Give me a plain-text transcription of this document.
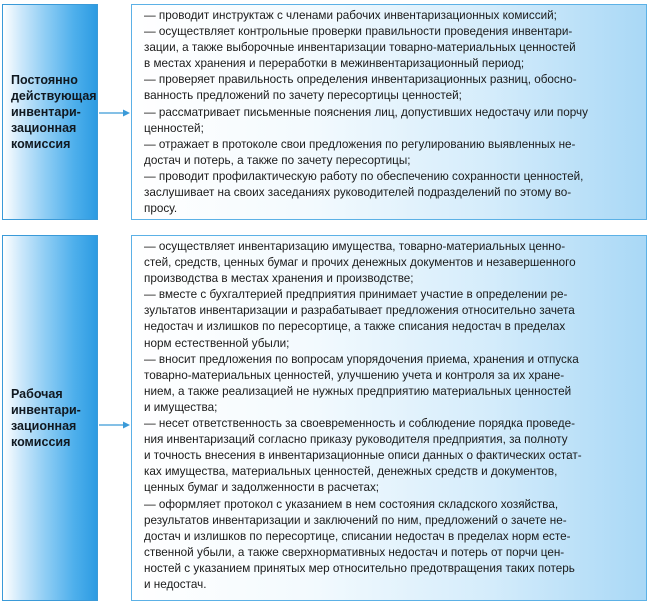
Постоянно
действующая
инвентари-
зационная
комиссия
— проводит инструктаж с членами рабочих инвентаризационных комиссий;
— осуществляет контрольные проверки правильности проведения инвентари-
зации, а также выборочные инвентаризации товарно-материальных ценностей
в местах хранения и переработки в межинвентаризационный период;
— проверяет правильность определения инвентаризационных разниц, обосно-
ванность предложений по зачету пересортицы ценностей;
— рассматривает письменные пояснения лиц, допустивших недостачу или порчу
ценностей;
— отражает в протоколе свои предложения по регулированию выявленных не-
достач и потерь, а также по зачету пересортицы;
— проводит профилактическую работу по обеспечению сохранности ценностей,
заслушивает на своих заседаниях руководителей подразделений по этому во-
просу.
Рабочая
инвентари-
зационная
комиссия
— осуществляет инвентаризацию имущества, товарно-материальных ценно-
стей, средств, ценных бумаг и прочих денежных документов и незавершенного
производства в местах хранения и производстве;
— вместе с бухгалтерией предприятия принимает участие в определении ре-
зультатов инвентаризации и разрабатывает предложения относительно зачета
недостач и излишков по пересортице, а также списания недостач в пределах
норм естественной убыли;
— вносит предложения по вопросам упорядочения приема, хранения и отпуска
товарно-материальных ценностей, улучшению учета и контроля за их хране-
нием, а также реализацией не нужных предприятию материальных ценностей
и имущества;
— несет ответственность за своевременность и соблюдение порядка проведе-
ния инвентаризаций согласно приказу руководителя предприятия, за полноту
и точность внесения в инвентаризационные описи данных о фактических остат-
ках имущества, материальных ценностей, денежных средств и документов,
ценных бумаг и задолженности в расчетах;
— оформляет протокол с указанием в нем состояния складского хозяйства,
результатов инвентаризации и заключений по ним, предложений о зачете не-
достач и излишков по пересортице, списании недостач в пределах норм есте-
ственной убыли, а также сверхнормативных недостач и потерь от порчи цен-
ностей с указанием принятых мер относительно предотвращения таких потерь
и недостач.
